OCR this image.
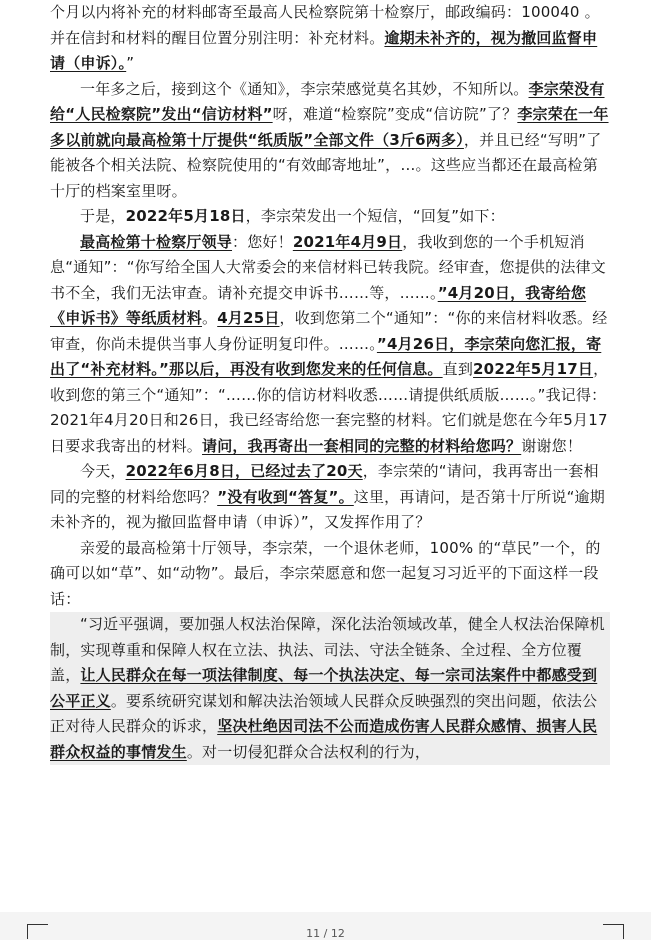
个月以内将补充的材料邮寄至最高人民检察院第十检察厅，邮政编码：100040 。并在信封和材料的醒目位置分别注明：补充材料。逾期未补齐的，视为撤回监督申请（申诉）。”

一年多之后，接到这个《通知》，李宗荣感觉莫名其妙，不知所以。李宗荣没有给“人民检察院”发出“信访材料”呀，难道“检察院”变成“信访院”了？李宗荣在一年多以前就向最高检第十厅提供“纸质版”全部文件（3斤6两多），并且已经“写明”了能被各个相关法院、检察院使用的“有效邮寄地址”，…。这些应当都还在最高检第十厅的档案室里呀。

于是，2022年5月18日，李宗荣发出一个短信，“回复”如下：

最高检第十检察厅领导：您好！2021年4月9日，我收到您的一个手机短消息“通知”：“你写给全国人大常委会的来信材料已转我院。经审查，您提供的法律文书不全，我们无法审查。请补充提交申诉书……等，……。”4月20日，我寄给您《申诉书》等纸质材料。4月25日，收到您第二个“通知”：“你的来信材料收悉。经审查，你尚未提供当事人身份证明复印件。……。”4月26日，李宗荣向您汇报，寄出了“补充材料。”那以后，再没有收到您发来的任何信息。直到2022年5月17日，收到您的第三个“通知”：“……你的信访材料收悉……请提供纸质版……。”我记得：2021年4月20日和26日，我已经寄给您一套完整的材料。它们就是您在今年5月17日要求我寄出的材料。请问，我再寄出一套相同的完整的材料给您吗？谢谢您！

今天，2022年6月8日，已经过去了20天，李宗荣的“请问，我再寄出一套相同的完整的材料给您吗？”没有收到“答复”。这里，再请问，是否第十厅所说“逾期未补齐的，视为撤回监督申请（申诉）”，又发挥作用了？

亲爱的最高检第十厅领导，李宗荣，一个退休老师，100% 的“草民”一个，的确可以如“草”、如“动物”。最后，李宗荣愿意和您一起复习习近平的下面这样一段话：

“习近平强调，要加强人权法治保障，深化法治领域改革，健全人权法治保障机制，实现尊重和保障人权在立法、执法、司法、守法全链条、全过程、全方位覆盖，让人民群众在每一项法律制度、每一个执法决定、每一宗司法案件中都感受到公平正义。要系统研究谋划和解决法治领域人民群众反映强烈的突出问题，依法公正对待人民群众的诉求，坚决杜绝因司法不公而造成伤害人民群众感情、损害人民群众权益的事情发生。对一切侵犯群众合法权利的行为，

11 / 12
